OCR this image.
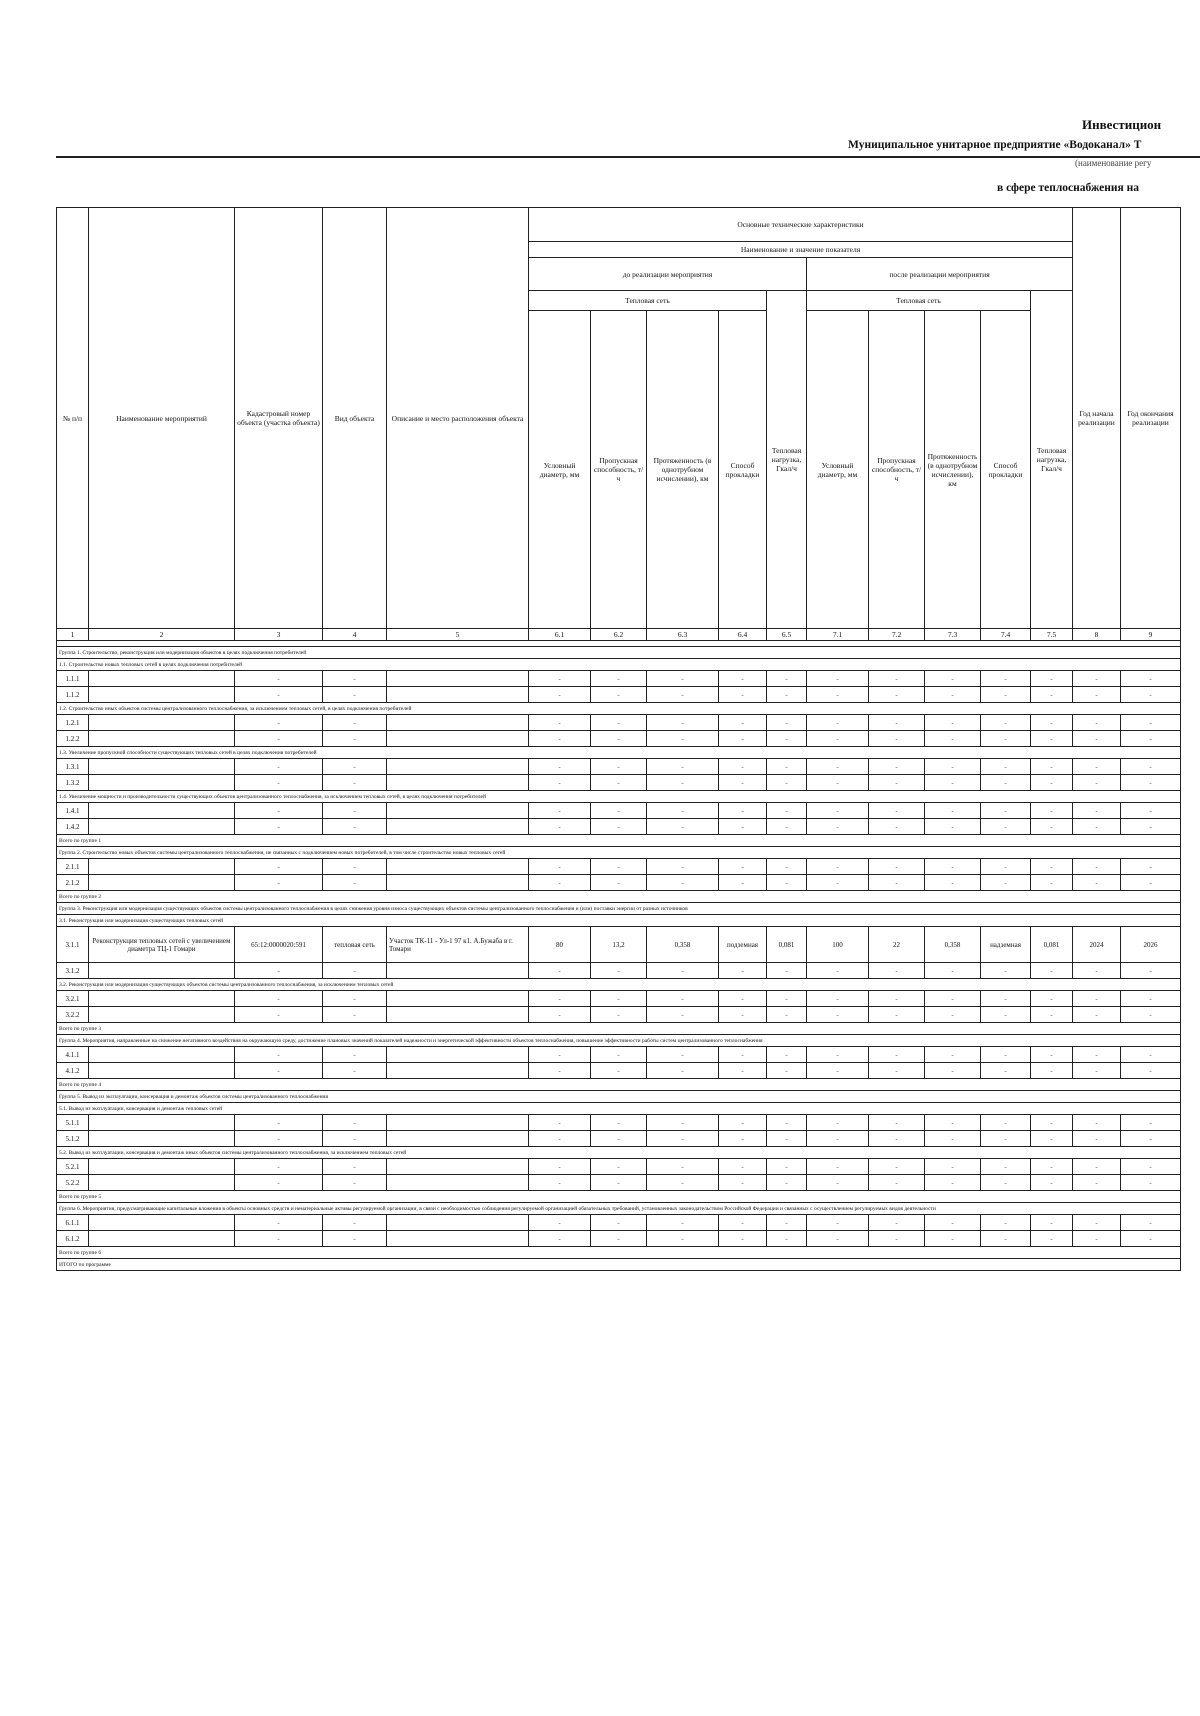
Инвестицион
Муниципальное унитарное предприятие «Водоканал» Т
(наименование регу
в сфере теплоснабжения на
№ п/п	Наименование мероприятий	Кадастровый номер объекта (участка объекта)	Вид объекта	Описание и место расположения объекта	Основные технические характеристики										Год начала реализации	Год окончания реализации
					Наименование и значение показателя											
					до реализации мероприятия					после реализации мероприятия						
					Тепловая сеть				Тепловая нагрузка, Гкал/ч	Тепловая сеть				Тепловая нагрузка, Гкал/ч		
					Условный диаметр, мм	Пропускная способность, т/ч	Протяженность (в однотрубном исчислении), км	Способ прокладки		Условный диаметр, мм	Пропускная способность, т/ч	Протяженность (в однотрубном исчислении), км	Способ прокладки			
1	2	3	4	5	6.1	6.2	6.3	6.4	6.5	7.1	7.2	7.3	7.4	7.5	8	9

Группа 1. Строительство, реконструкция или модернизация объектов в целях подключения потребителей																
1.1. Строительство новых тепловых сетей в целях подключения потребителей																
1.1.1		-	-		-	-	-	-	-	-	-	-	-	-	-	-
1.1.2		-	-		-	-	-	-	-	-	-	-	-	-	-	-
1.2. Строительство иных объектов системы централизованного теплоснабжения, за исключением тепловых сетей, в целях подключения потребителей																
1.2.1		-	-		-	-	-	-	-	-	-	-	-	-	-	-
1.2.2		-	-		-	-	-	-	-	-	-	-	-	-	-	-
1.3. Увеличение пропускной способности существующих тепловых сетей в целях подключения потребителей																
1.3.1		-	-		-	-	-	-	-	-	-	-	-	-	-	-
1.3.2		-	-		-	-	-	-	-	-	-	-	-	-	-	-
1.4. Увеличение мощности и производительности существующих объектов централизованного теплоснабжения, за исключением тепловых сетей, в целях подключения потребителей																
1.4.1		-	-		-	-	-	-	-	-	-	-	-	-	-	-
1.4.2		-	-		-	-	-	-	-	-	-	-	-	-	-	-
Всего по группе 1																
Группа 2. Строительство новых объектов системы централизованного теплоснабжения, не связанных с подключением новых потребителей, в том числе строительство новых тепловых сетей																
2.1.1		-	-		-	-	-	-	-	-	-	-	-	-	-	-
2.1.2		-	-		-	-	-	-	-	-	-	-	-	-	-	-
Всего по группе 2																
Группа 3. Реконструкция или модернизация существующих объектов системы централизованного теплоснабжения в целях снижения уровня износа существующих объектов системы централизованного теплоснабжения и (или) поставки энергии от разных источников																
3.1. Реконструкция или модернизация существующих тепловых сетей																
3.1.1	Реконструкция тепловых сетей с увеличением диаметра ТЦ-1 Гомари	65:12:0000020:591	тепловая сеть	Участок ТК-11 - Ул-1 97 к1. А.Бужаба в г. Томари	80	13,2	0,358	подземная	0,081	100	22	0,358	надземная	0,081	2024	2026
3.1.2		-	-		-	-	-	-	-	-	-	-	-	-	-	-
3.2. Реконструкция или модернизация существующих объектов системы централизованного теплоснабжения, за исключением тепловых сетей																
3.2.1		-	-		-	-	-	-	-	-	-	-	-	-	-	-
3.2.2		-	-		-	-	-	-	-	-	-	-	-	-	-	-
Всего по группе 3																
Группа 4. Мероприятия, направленные на снижение негативного воздействия на окружающую среду, достижение плановых значений показателей надежности и энергетической эффективности объектов теплоснабжения, повышение эффективности работы систем централизованного теплоснабжения																
4.1.1		-	-		-	-	-	-	-	-	-	-	-	-	-	-
4.1.2		-	-		-	-	-	-	-	-	-	-	-	-	-	-
Всего по группе 4																
Группа 5. Вывод из эксплуатации, консервация и демонтаж объектов системы централизованного теплоснабжения																
5.1. Вывод из эксплуатации, консервация и демонтаж тепловых сетей																
5.1.1		-	-		-	-	-	-	-	-	-	-	-	-	-	-
5.1.2		-	-		-	-	-	-	-	-	-	-	-	-	-	-
5.2. Вывод из эксплуатации, консервация и демонтаж иных объектов системы централизованного теплоснабжения, за исключением тепловых сетей																
5.2.1		-	-		-	-	-	-	-	-	-	-	-	-	-	-
5.2.2		-	-		-	-	-	-	-	-	-	-	-	-	-	-
Всего по группе 5																
Группа 6. Мероприятия, предусматривающие капитальные вложения в объекты основных средств и нематериальные активы регулируемой организации, в связи с необходимостью соблюдения регулируемой организацией обязательных требований, установленных законодательством Российской Федерации и связанных с осуществлением регулируемых видов деятельности																
6.1.1		-	-		-	-	-	-	-	-	-	-	-	-	-	-
6.1.2		-	-		-	-	-	-	-	-	-	-	-	-	-	-
Всего по группе 6																
ИТОГО по программе																
